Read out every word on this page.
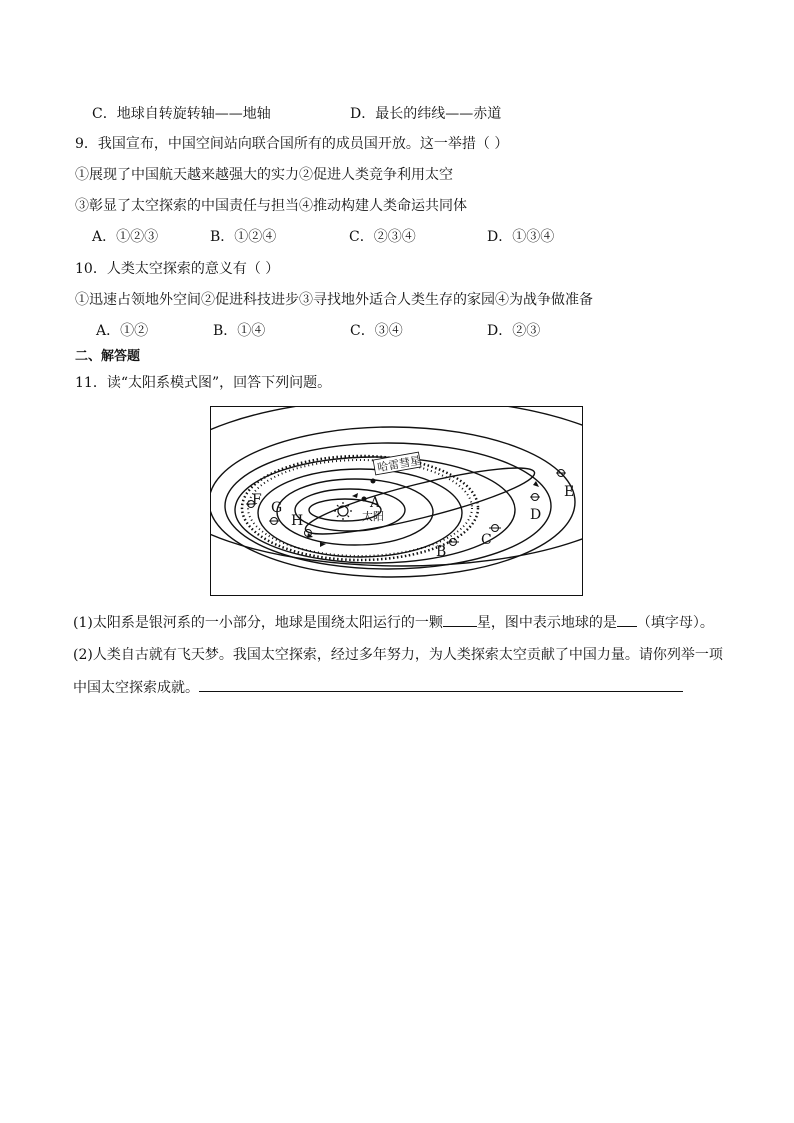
C．地球自转旋转轴——地轴	D．最长的纬线——赤道
9．我国宣布，中国空间站向联合国所有的成员国开放。这一举措（ ）
①展现了中国航天越来越强大的实力②促进人类竞争利用太空
③彰显了太空探索的中国责任与担当④推动构建人类命运共同体
A．①②③	B．①②④	C．②③④	D．①③④
10．人类太空探索的意义有（ ）
①迅速占领地外空间②促进科技进步③寻找地外适合人类生存的家园④为战争做准备
A．①②	B．①④	C．③④	D．②③
二、解答题
11．读“太阳系模式图”，回答下列问题。
哈雷彗星
太阳
A
B
C
D
E
F G
H
(1)太阳系是银河系的一小部分，地球是围绕太阳运行的一颗 星，图中表示地球的是 （填字母）。
(2)人类自古就有飞天梦。我国太空探索，经过多年努力，为人类探索太空贡献了中国力量。请你列举一项
中国太空探索成就。
